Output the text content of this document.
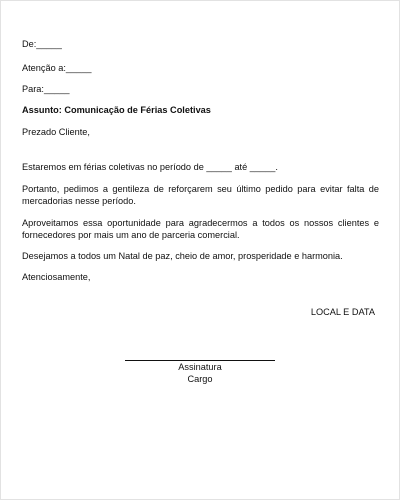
De:_____
Atenção a:_____
Para:_____
Assunto: Comunicação de Férias Coletivas
Prezado Cliente,
Estaremos em férias coletivas no período de _____ até _____.
Portanto, pedimos a gentileza de reforçarem seu último pedido para evitar falta de mercadorias nesse período.
Aproveitamos essa oportunidade para agradecermos a todos os nossos clientes e fornecedores por mais um ano de parceria comercial.
Desejamos a todos um Natal de paz, cheio de amor, prosperidade e harmonia.
Atenciosamente,
LOCAL E DATA
Assinatura
Cargo
